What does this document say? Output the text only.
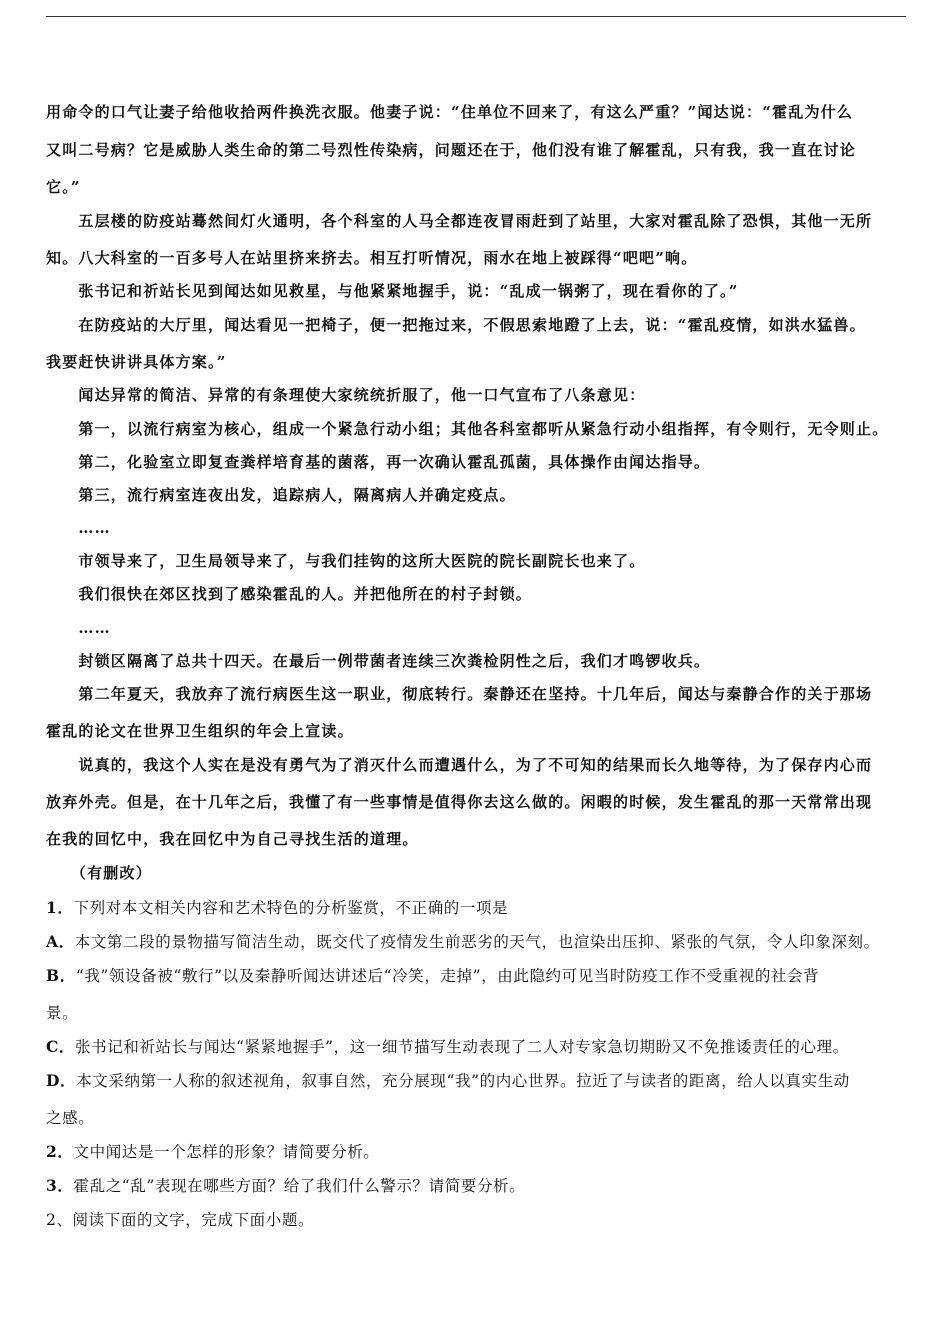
用命令的口气让妻子给他收拾两件换洗衣服。他妻子说：“住单位不回来了，有这么严重？”闻达说：“霍乱为什么

又叫二号病？它是威胁人类生命的第二号烈性传染病，问题还在于，他们没有谁了解霍乱，只有我，我一直在讨论

它。”

　　五层楼的防疫站蓦然间灯火通明，各个科室的人马全都连夜冒雨赶到了站里，大家对霍乱除了恐惧，其他一无所

知。八大科室的一百多号人在站里挤来挤去。相互打听情况，雨水在地上被踩得“吧吧”响。

　　张书记和祈站长见到闻达如见救星，与他紧紧地握手，说：“乱成一锅粥了，现在看你的了。”

　　在防疫站的大厅里，闻达看见一把椅子，便一把拖过来，不假思索地蹬了上去，说：“霍乱疫情，如洪水猛兽。

我要赶快讲讲具体方案。”

　　闻达异常的简洁、异常的有条理使大家统统折服了，他一口气宣布了八条意见：

　　第一，以流行病室为核心，组成一个紧急行动小组；其他各科室都听从紧急行动小组指挥，有令则行，无令则止。

　　第二，化验室立即复查粪样培育基的菌落，再一次确认霍乱孤菌，具体操作由闻达指导。

　　第三，流行病室连夜出发，追踪病人，隔离病人并确定疫点。

　　……

　　市领导来了，卫生局领导来了，与我们挂钩的这所大医院的院长副院长也来了。

　　我们很快在郊区找到了感染霍乱的人。并把他所在的村子封锁。

　　……

　　封锁区隔离了总共十四天。在最后一例带菌者连续三次粪检阴性之后，我们才鸣锣收兵。

　　第二年夏天，我放弃了流行病医生这一职业，彻底转行。秦静还在坚持。十几年后，闻达与秦静合作的关于那场

霍乱的论文在世界卫生组织的年会上宣读。

　　说真的，我这个人实在是没有勇气为了消灭什么而遭遇什么，为了不可知的结果而长久地等待，为了保存内心而

放弃外壳。但是，在十几年之后，我懂了有一些事情是值得你去这么做的。闲暇的时候，发生霍乱的那一天常常出现

在我的回忆中，我在回忆中为自己寻找生活的道理。

　　（有删改）

1．下列对本文相关内容和艺术特色的分析鉴赏，不正确的一项是

A．本文第二段的景物描写简洁生动，既交代了疫情发生前恶劣的天气，也渲染出压抑、紧张的气氛，令人印象深刻。

B．“我”领设备被“敷行”以及秦静听闻达讲述后“冷笑，走掉”，由此隐约可见当时防疫工作不受重视的社会背

景。

C．张书记和祈站长与闻达“紧紧地握手”，这一细节描写生动表现了二人对专家急切期盼又不免推诿责任的心理。

D．本文采纳第一人称的叙述视角，叙事自然，充分展现“我”的内心世界。拉近了与读者的距离，给人以真实生动

之感。

2．文中闻达是一个怎样的形象？请简要分析。

3．霍乱之“乱”表现在哪些方面？给了我们什么警示？请简要分析。

2、阅读下面的文字，完成下面小题。
